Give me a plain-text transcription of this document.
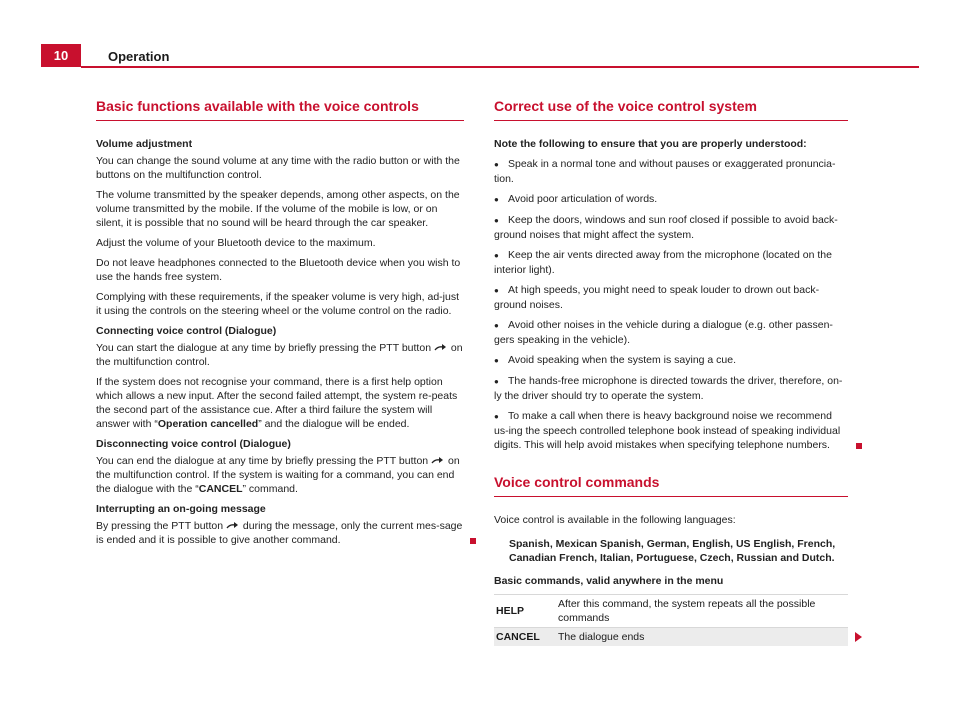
10	Operation
Basic functions available with the voice controls

Volume adjustment

You can change the sound volume at any time with the radio button or with the buttons on the multifunction control.

The volume transmitted by the speaker depends, among other aspects, on the volume transmitted by the mobile. If the volume of the mobile is low, or on silent, it is possible that no sound will be heard through the car speaker.

Adjust the volume of your Bluetooth device to the maximum.

Do not leave headphones connected to the Bluetooth device when you wish to use the hands free system.

Complying with these requirements, if the speaker volume is very high, ad-just it using the controls on the steering wheel or the volume control on the radio.

Connecting voice control (Dialogue)

You can start the dialogue at any time by briefly pressing the PTT button on the multifunction control.

If the system does not recognise your command, there is a first help option which allows a new input. After the second failed attempt, the system re-peats the second part of the assistance cue. After a third failure the system will answer with “Operation cancelled” and the dialogue will be ended.

Disconnecting voice control (Dialogue)

You can end the dialogue at any time by briefly pressing the PTT button on the multifunction control. If the system is waiting for a command, you can end the dialogue with the “CANCEL” command.

Interrupting an on-going message

By pressing the PTT button during the message, only the current mes-sage is ended and it is possible to give another command.

Correct use of the voice control system

Note the following to ensure that you are properly understood:

● Speak in a normal tone and without pauses or exaggerated pronuncia-tion.

● Avoid poor articulation of words.

● Keep the doors, windows and sun roof closed if possible to avoid back-ground noises that might affect the system.

● Keep the air vents directed away from the microphone (located on the interior light).

● At high speeds, you might need to speak louder to drown out back-ground noises.

● Avoid other noises in the vehicle during a dialogue (e.g. other passen-gers speaking in the vehicle).

● Avoid speaking when the system is saying a cue.

● The hands-free microphone is directed towards the driver, therefore, on-ly the driver should try to operate the system.

● To make a call when there is heavy background noise we recommend us-ing the speech controlled telephone book instead of speaking individual digits. This will help avoid mistakes when specifying telephone numbers.

Voice control commands

Voice control is available in the following languages:

Spanish, Mexican Spanish, German, English, US English, French, Canadian French, Italian, Portuguese, Czech, Russian and Dutch.

Basic commands, valid anywhere in the menu

HELP	After this command, the system repeats all the possible commands
CANCEL	The dialogue ends
